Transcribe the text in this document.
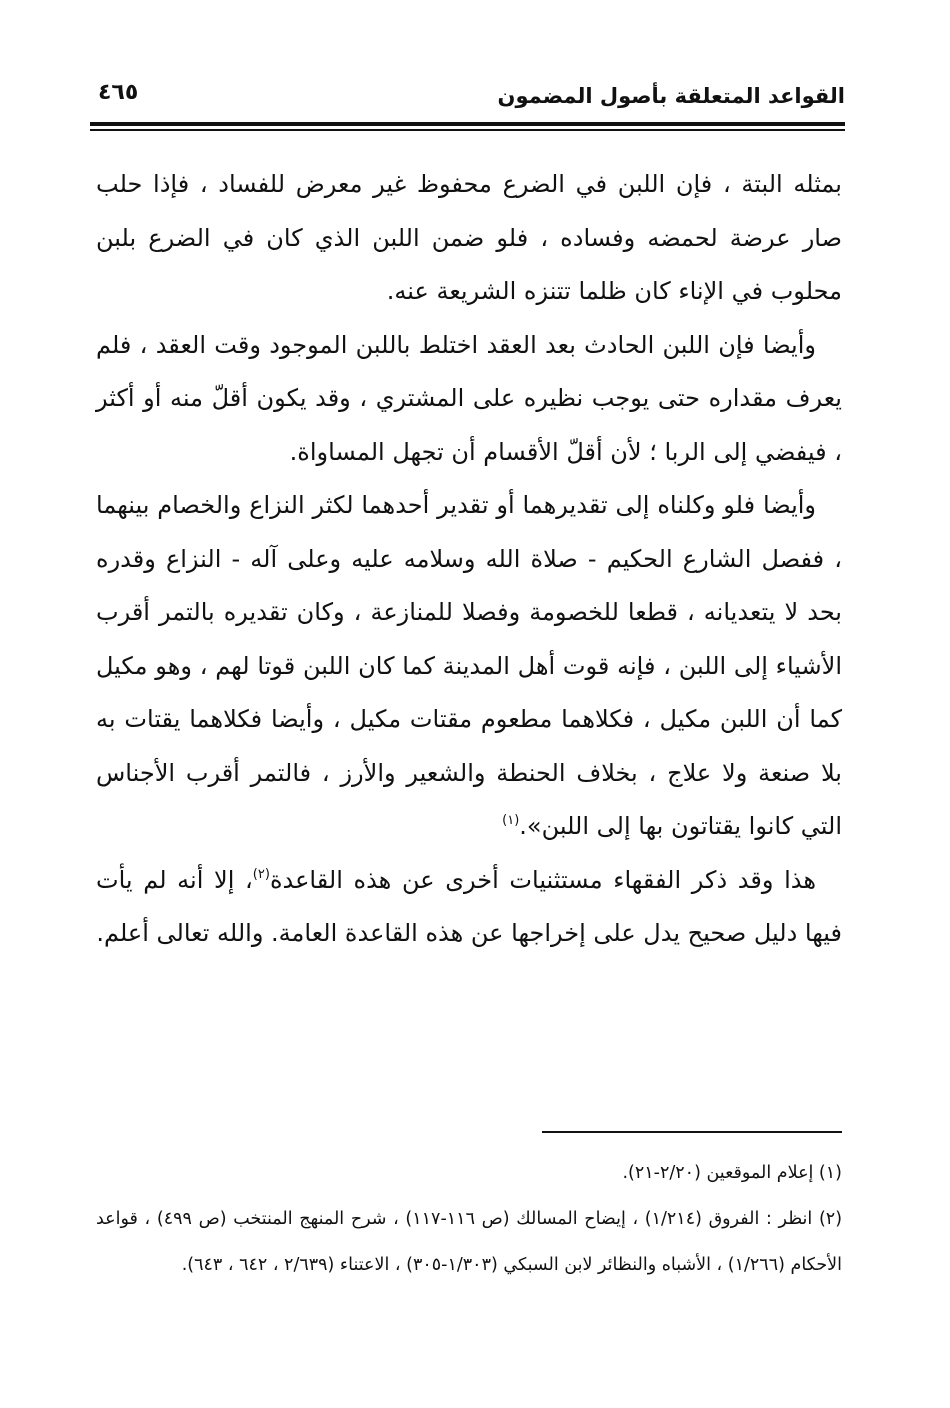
القواعد المتعلقة بأصول المضمون
٤٦٥

بمثله البتة ، فإن اللبن في الضرع محفوظ غير معرض للفساد ، فإذا حلب صار عرضة لحمضه وفساده ، فلو ضمن اللبن الذي كان في الضرع بلبن محلوب في الإناء كان ظلما تتنزه الشريعة عنه.

وأيضا فإن اللبن الحادث بعد العقد اختلط باللبن الموجود وقت العقد ، فلم يعرف مقداره حتى يوجب نظيره على المشتري ، وقد يكون أقلّ منه أو أكثر ، فيفضي إلى الربا ؛ لأن أقلّ الأقسام أن تجهل المساواة.

وأيضا فلو وكلناه إلى تقديرهما أو تقدير أحدهما لكثر النزاع والخصام بينهما ، ففصل الشارع الحكيم - صلاة الله وسلامه عليه وعلى آله - النزاع وقدره بحد لا يتعديانه ، قطعا للخصومة وفصلا للمنازعة ، وكان تقديره بالتمر أقرب الأشياء إلى اللبن ، فإنه قوت أهل المدينة كما كان اللبن قوتا لهم ، وهو مكيل كما أن اللبن مكيل ، فكلاهما مطعوم مقتات مكيل ، وأيضا فكلاهما يقتات به بلا صنعة ولا علاج ، بخلاف الحنطة والشعير والأرز ، فالتمر أقرب الأجناس التي كانوا يقتاتون بها إلى اللبن».$^{(١)}$

هذا وقد ذكر الفقهاء مستثنيات أخرى عن هذه القاعدة$^{(٢)}$، إلا أنه لم يأت فيها دليل صحيح يدل على إخراجها عن هذه القاعدة العامة. والله تعالى أعلم.

(١) إعلام الموقعين (٢/٢٠-٢١).

(٢) انظر : الفروق (١/٢١٤) ، إيضاح المسالك (ص ١١٦-١١٧) ، شرح المنهج المنتخب (ص ٤٩٩) ، قواعد الأحكام (١/٢٦٦) ، الأشباه والنظائر لابن السبكي (١/٣٠٣-٣٠٥) ، الاعتناء (٢/٦٣٩ ، ٦٤٢ ، ٦٤٣).
